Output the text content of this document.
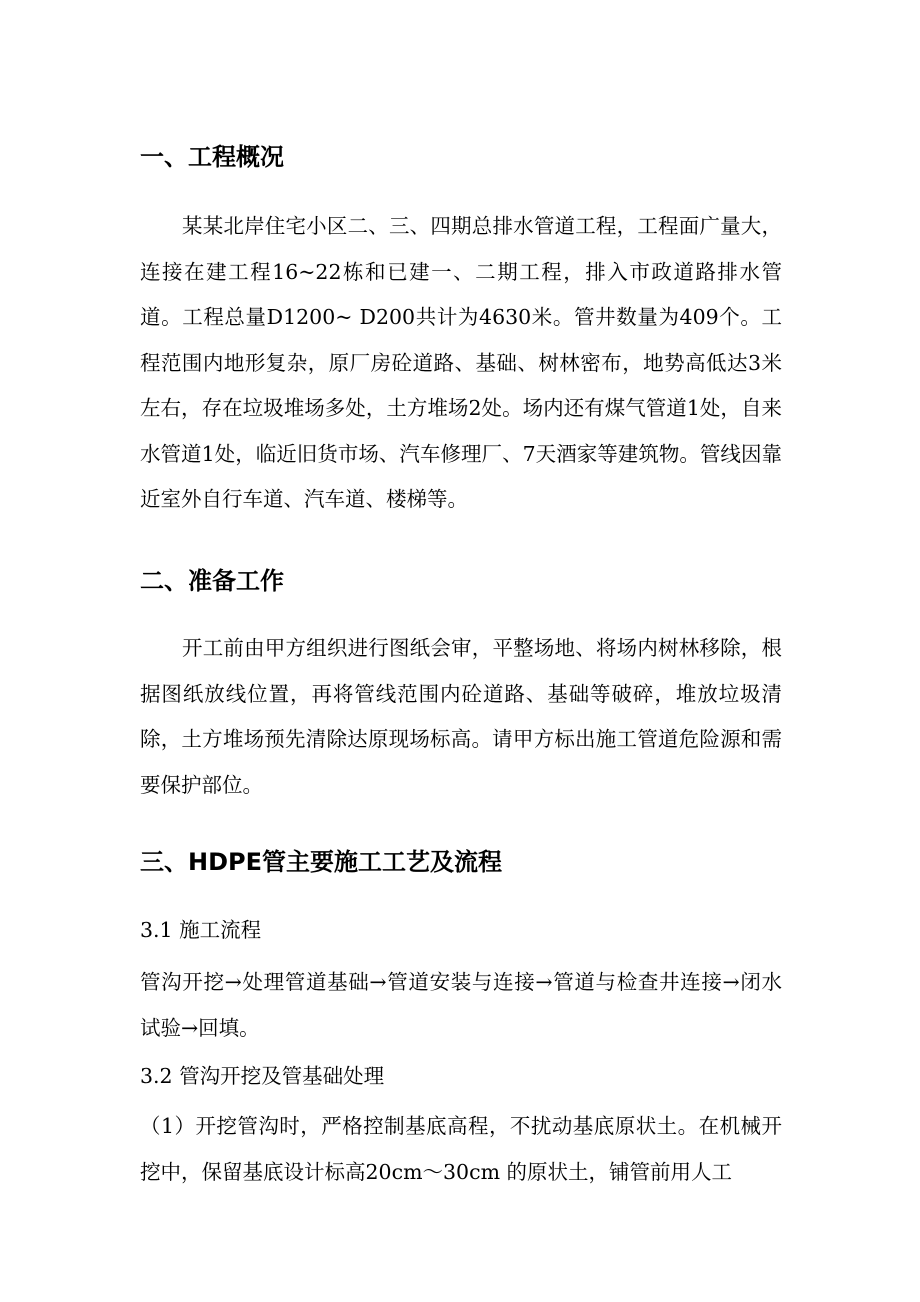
一、工程概况

某某北岸住宅小区二、三、四期总排水管道工程，工程面广量大，连接在建工程16~22栋和已建一、二期工程，排入市政道路排水管道。工程总量D1200~ D200共计为4630米。管井数量为409个。工程范围内地形复杂，原厂房砼道路、基础、树林密布，地势高低达3米左右，存在垃圾堆场多处，土方堆场2处。场内还有煤气管道1处，自来水管道1处，临近旧货市场、汽车修理厂、7天酒家等建筑物。管线因靠近室外自行车道、汽车道、楼梯等。

二、准备工作

开工前由甲方组织进行图纸会审，平整场地、将场内树林移除，根据图纸放线位置，再将管线范围内砼道路、基础等破碎，堆放垃圾清除，土方堆场预先清除达原现场标高。请甲方标出施工管道危险源和需要保护部位。

三、HDPE管主要施工工艺及流程

3.1 施工流程

管沟开挖→处理管道基础→管道安装与连接→管道与检查井连接→闭水试验→回填。

3.2 管沟开挖及管基础处理

（1）开挖管沟时，严格控制基底高程，不扰动基底原状土。在机械开挖中，保留基底设计标高20cm～30cm 的原状土，铺管前用人工
